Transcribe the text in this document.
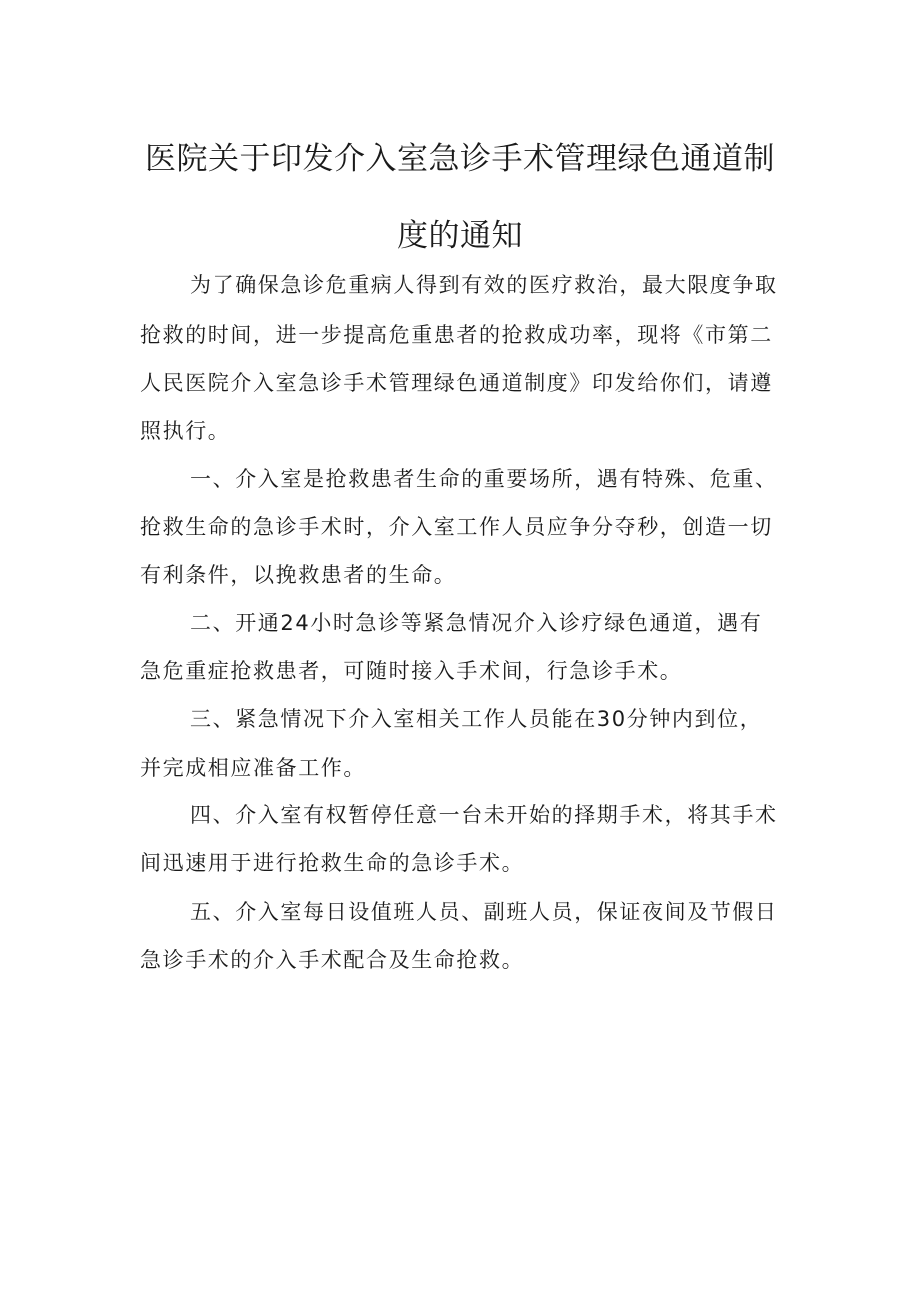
医院关于印发介入室急诊手术管理绿色通道制
度的通知
为了确保急诊危重病人得到有效的医疗救治，最大限度争取
抢救的时间，进一步提高危重患者的抢救成功率，现将《市第二
人民医院介入室急诊手术管理绿色通道制度》印发给你们，请遵
照执行。
一、介入室是抢救患者生命的重要场所，遇有特殊、危重、
抢救生命的急诊手术时，介入室工作人员应争分夺秒，创造一切
有利条件，以挽救患者的生命。
二、开通24小时急诊等紧急情况介入诊疗绿色通道，遇有
急危重症抢救患者，可随时接入手术间，行急诊手术。
三、紧急情况下介入室相关工作人员能在30分钟内到位，
并完成相应准备工作。
四、介入室有权暂停任意一台未开始的择期手术，将其手术
间迅速用于进行抢救生命的急诊手术。
五、介入室每日设值班人员、副班人员，保证夜间及节假日
急诊手术的介入手术配合及生命抢救。
